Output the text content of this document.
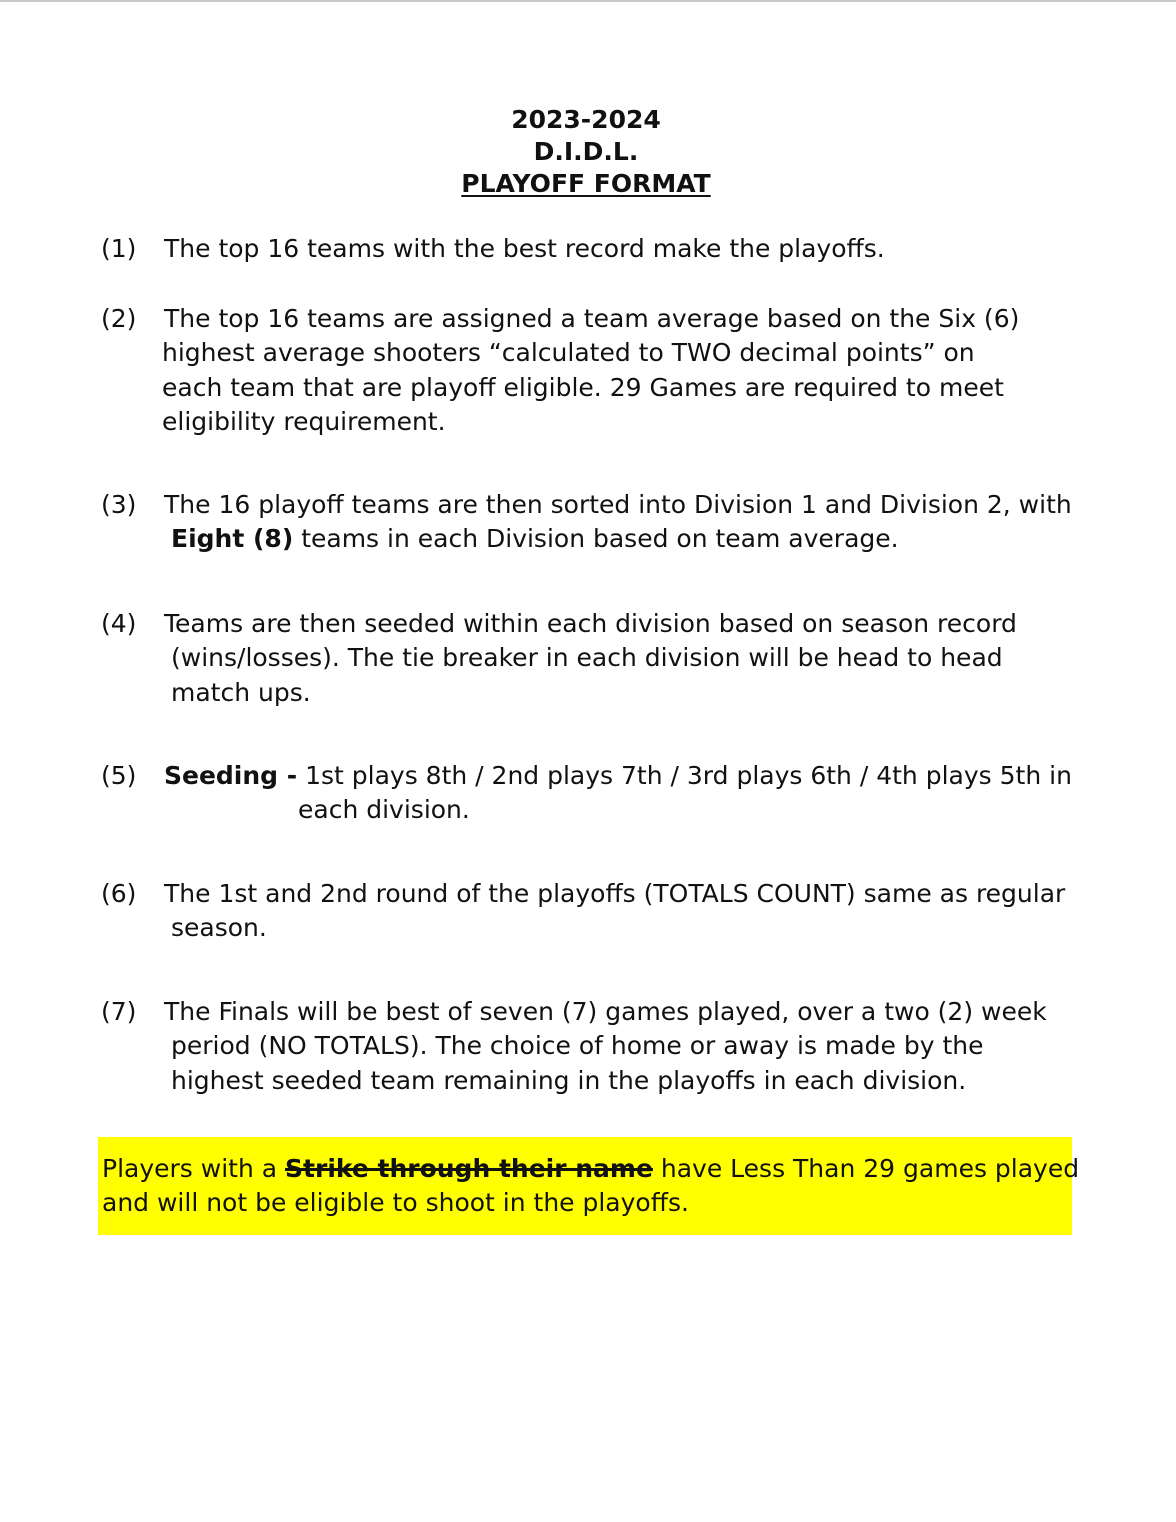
2023-2024
D.I.D.L.
PLAYOFF FORMAT
(1) The top 16 teams with the best record make the playoffs.
(2) The top 16 teams are assigned a team average based on the Six (6)
highest average shooters “calculated to TWO decimal points” on
each team that are playoff eligible. 29 Games are required to meet
eligibility requirement.
(3) The 16 playoff teams are then sorted into Division 1 and Division 2, with
Eight (8) teams in each Division based on team average.
(4) Teams are then seeded within each division based on season record
(wins/losses). The tie breaker in each division will be head to head
match ups.
(5) Seeding - 1st plays 8th / 2nd plays 7th / 3rd plays 6th / 4th plays 5th in
each division.
(6) The 1st and 2nd round of the playoffs (TOTALS COUNT) same as regular
season.
(7) The Finals will be best of seven (7) games played, over a two (2) week
period (NO TOTALS). The choice of home or away is made by the
highest seeded team remaining in the playoffs in each division.
Players with a Strike through their name have Less Than 29 games played
and will not be eligible to shoot in the playoffs.
